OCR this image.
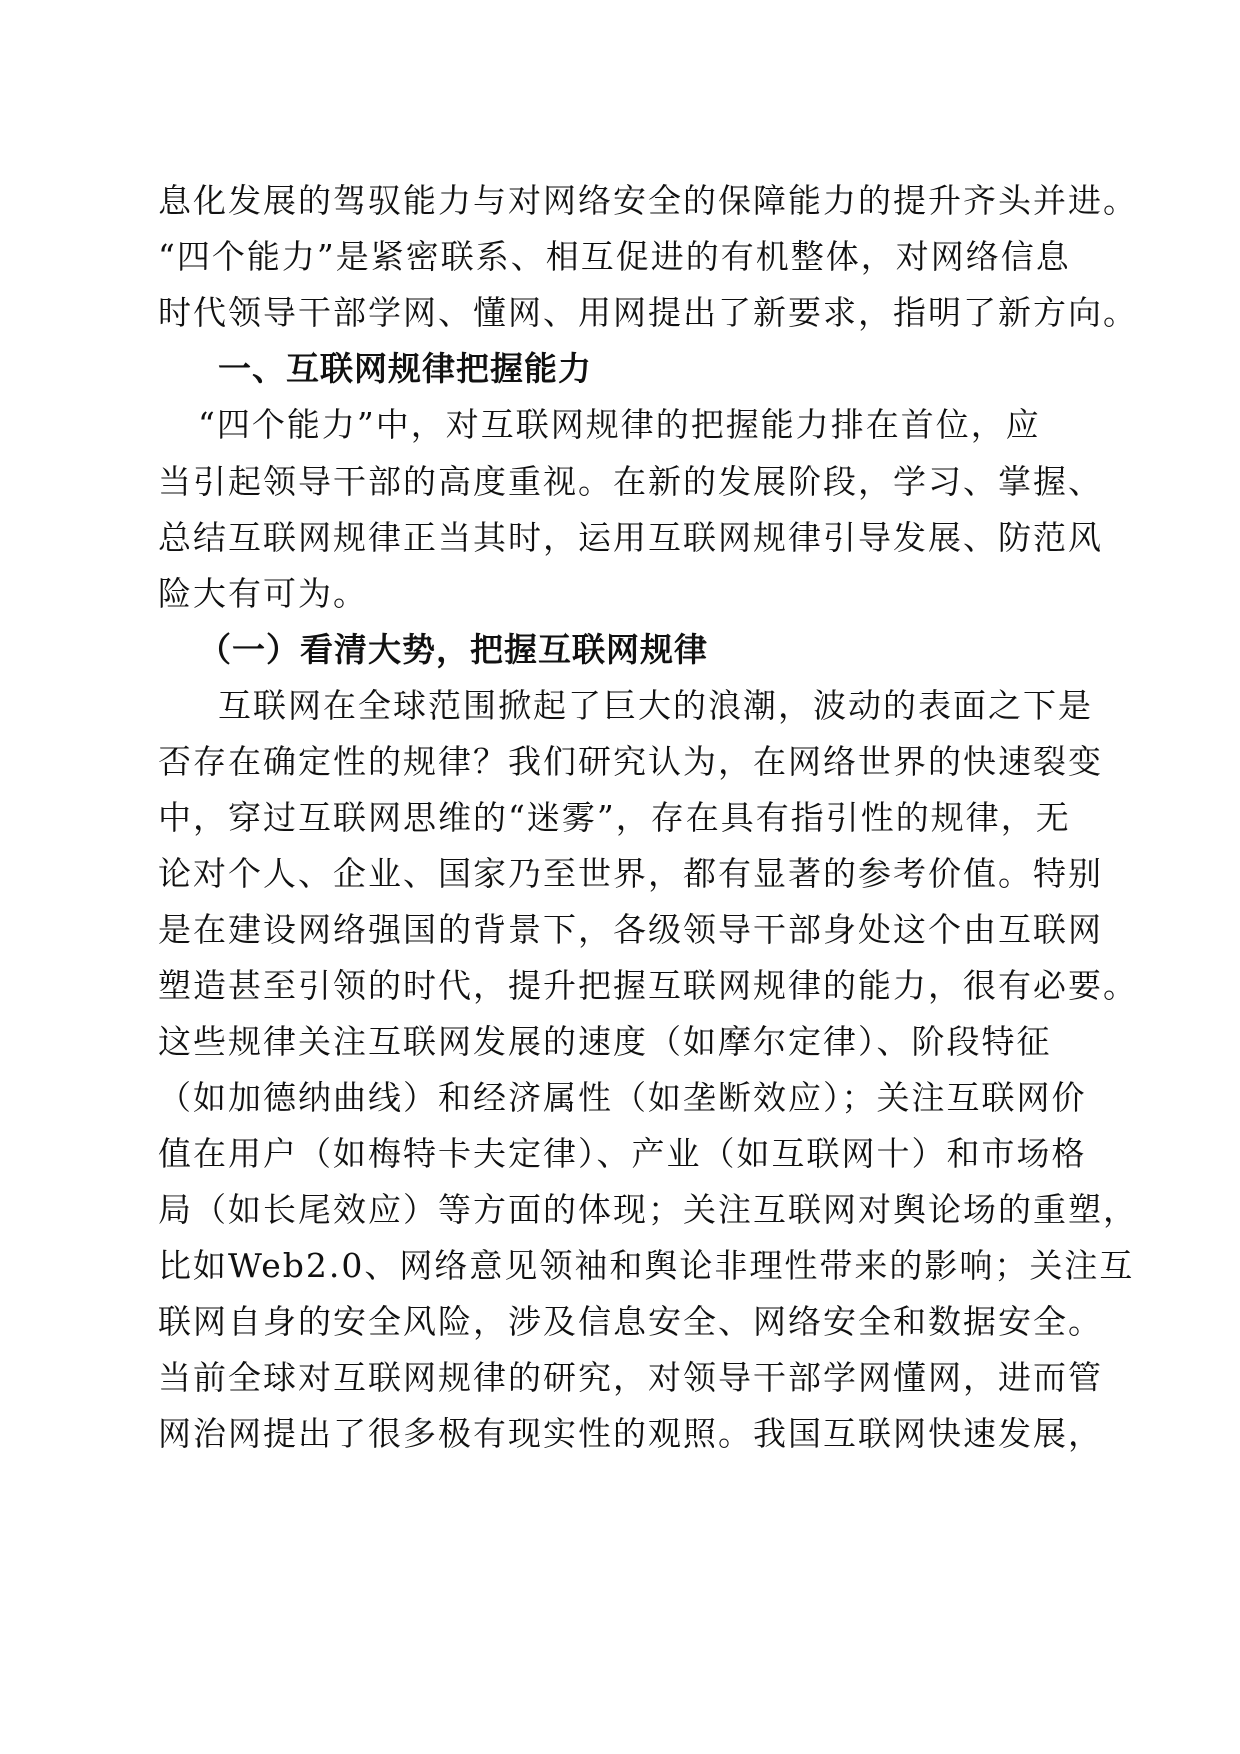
息化发展的驾驭能力与对网络安全的保障能力的提升齐头并进。
“四个能力”是紧密联系、相互促进的有机整体，对网络信息
时代领导干部学网、懂网、用网提出了新要求，指明了新方向。
一、互联网规律把握能力
“四个能力”中，对互联网规律的把握能力排在首位，应
当引起领导干部的高度重视。在新的发展阶段，学习、掌握、
总结互联网规律正当其时，运用互联网规律引导发展、防范风
险大有可为。
（一）看清大势，把握互联网规律
互联网在全球范围掀起了巨大的浪潮，波动的表面之下是
否存在确定性的规律？我们研究认为，在网络世界的快速裂变
中，穿过互联网思维的“迷雾”，存在具有指引性的规律，无
论对个人、企业、国家乃至世界，都有显著的参考价值。特别
是在建设网络强国的背景下，各级领导干部身处这个由互联网
塑造甚至引领的时代，提升把握互联网规律的能力，很有必要。
这些规律关注互联网发展的速度（如摩尔定律）、阶段特征
（如加德纳曲线）和经济属性（如垄断效应）；关注互联网价
值在用户（如梅特卡夫定律）、产业（如互联网十）和市场格
局（如长尾效应）等方面的体现；关注互联网对舆论场的重塑，
比如Web2.0、网络意见领袖和舆论非理性带来的影响；关注互
联网自身的安全风险，涉及信息安全、网络安全和数据安全。
当前全球对互联网规律的研究，对领导干部学网懂网，进而管
网治网提出了很多极有现实性的观照。我国互联网快速发展，
